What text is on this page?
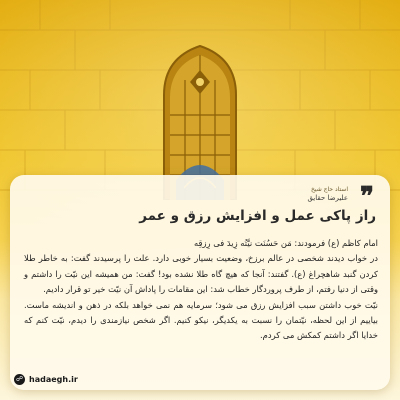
❞
استاد حاج شیخ
علیرضا حقایق
راز پاکی عمل و افزایش رزق و عمر

امام کاظم (ع) فرمودند: مَن حَسُنَت نیَّتُه زِیدَ فی رِزقِه

در خواب دیدند شخصی در عالم برزخ، وضعیت بسیار خوبی دارد. علت را پرسیدند گفت: به خاطر طلا کردن گنبد شاهچراغ (ع). گفتند: آنجا که هیچ گاه طلا نشده بود! گفت: من همیشه این نیّت را داشتم و وقتی از دنیا رفتم، از طرف پروردگار خطاب شد: این مقامات را پاداش آن نیّت خیر تو قرار دادیم.

نیّت خوب داشتن سبب افزایش رزق می شود؛ سرمایه هم نمی خواهد بلکه در ذهن و اندیشه ماست. بیاییم از این لحظه، نیّتمان را نسبت به یکدیگر، نیکو کنیم. اگر شخص نیازمندی را دیدم، نیّت کنم که خدایا اگر داشتم کمکش می کردم.

☍ hadaegh.ir
